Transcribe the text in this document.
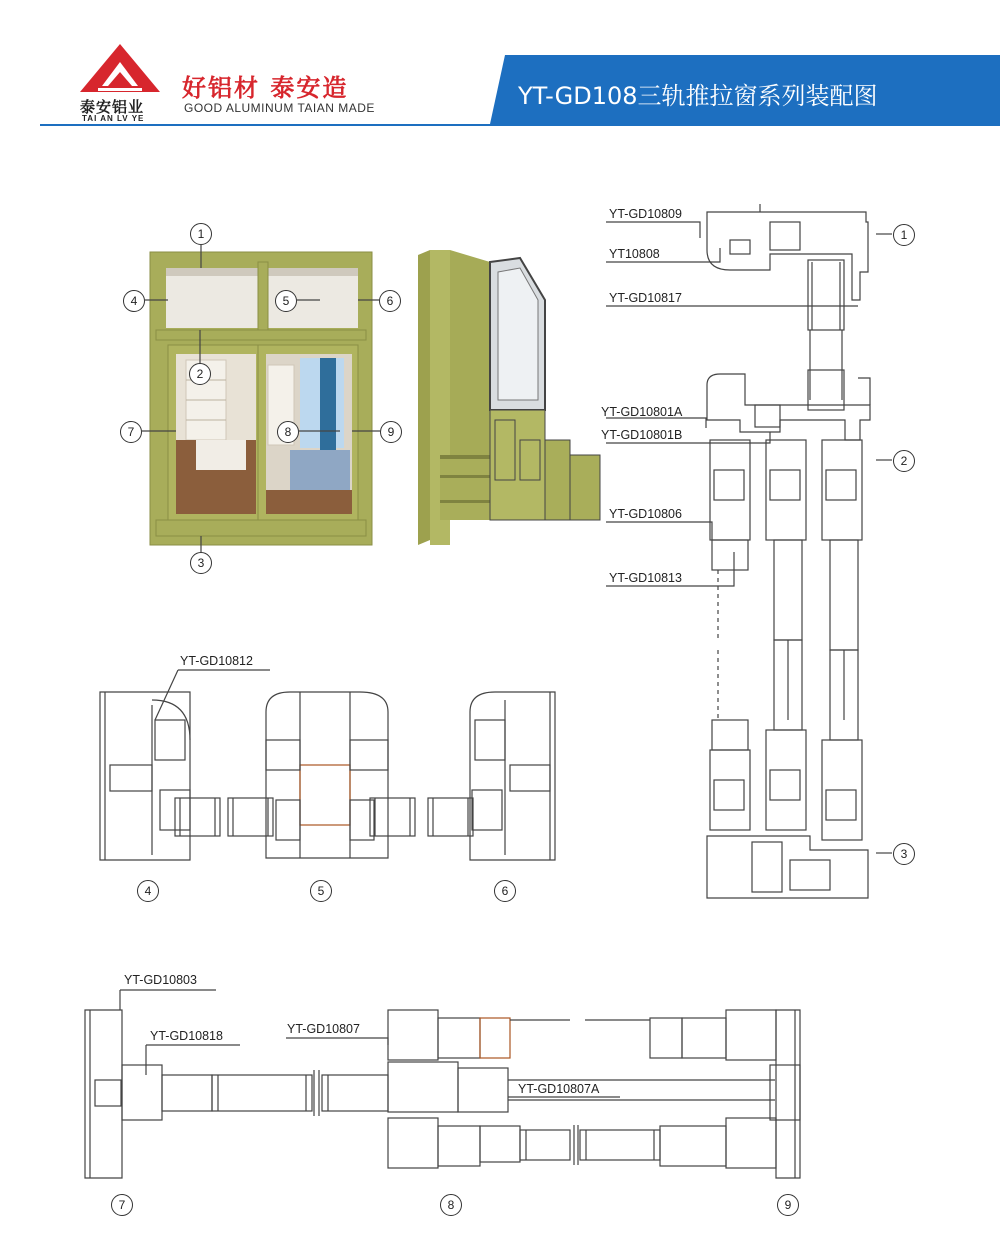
泰安铝业
TAI AN LV YE
好铝材 泰安造
GOOD ALUMINUM TAIAN MADE	YT-GD108三轨推拉窗系列装配图
1
4	5	6
2
7	8	9
3
YT-GD10809
YT10808
YT-GD10817
YT-GD10801A
YT-GD10801B
YT-GD10806
YT-GD10813
YT-GD10812
YT-GD10803
YT-GD10818	YT-GD10807
YT-GD10807A
1
2
3
4	5	6
7	8	9
